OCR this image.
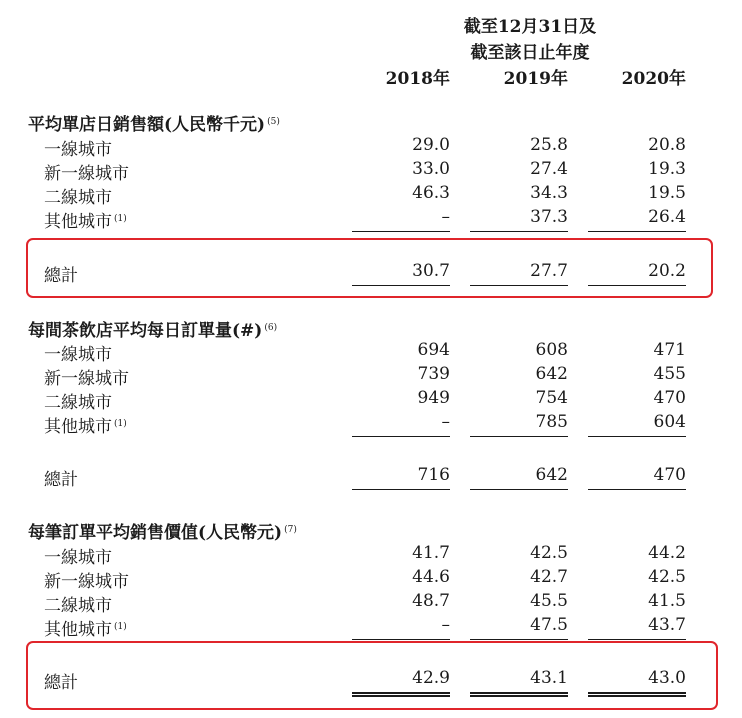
截至12月31日及
截至該日止年度
2018年	2019年	2020年
平均單店日銷售額(人民幣千元) $^{(5)}$
一線城市	29.0	25.8	20.8
新一線城市	33.0	27.4	19.3
二線城市	46.3	34.3	19.5
其他城市 $^{(1)}$	–	37.3	26.4
總計	30.7	27.7	20.2
每間茶飲店平均每日訂單量(#) $^{(6)}$
一線城市	694	608	471
新一線城市	739	642	455
二線城市	949	754	470
其他城市 $^{(1)}$	–	785	604
總計	716	642	470
每筆訂單平均銷售價值(人民幣元) $^{(7)}$
一線城市	41.7	42.5	44.2
新一線城市	44.6	42.7	42.5
二線城市	48.7	45.5	41.5
其他城市 $^{(1)}$	–	47.5	43.7
總計	42.9	43.1	43.0
